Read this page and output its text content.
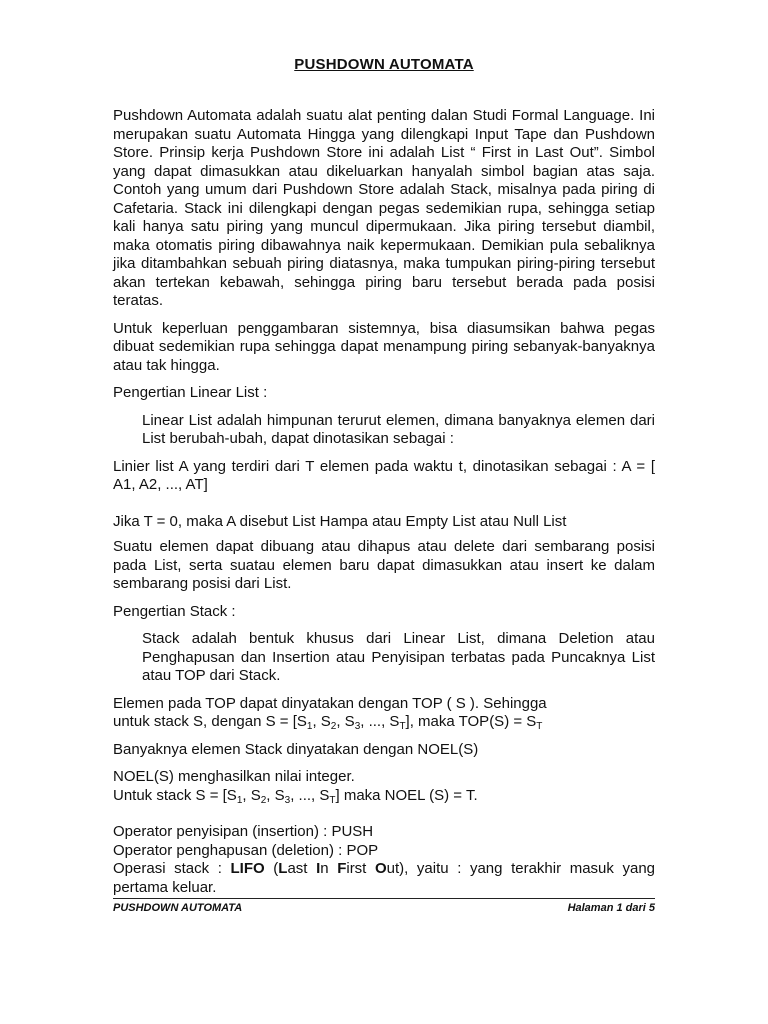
PUSHDOWN AUTOMATA

Pushdown Automata adalah suatu alat penting dalan Studi Formal Language. Ini merupakan suatu Automata Hingga yang dilengkapi Input Tape dan Pushdown Store. Prinsip kerja Pushdown Store ini adalah List “ First in Last Out”. Simbol yang dapat dimasukkan atau dikeluarkan hanyalah simbol bagian atas saja. Contoh yang umum dari Pushdown Store adalah Stack, misalnya pada piring di Cafetaria. Stack ini dilengkapi dengan pegas sedemikian rupa, sehingga setiap kali hanya satu piring yang muncul dipermukaan. Jika piring tersebut diambil, maka otomatis piring dibawahnya naik kepermukaan. Demikian pula sebaliknya jika ditambahkan sebuah piring diatasnya, maka tumpukan piring-piring tersebut akan tertekan kebawah, sehingga piring baru tersebut berada pada posisi teratas.

Untuk keperluan penggambaran sistemnya, bisa diasumsikan bahwa pegas dibuat sedemikian rupa sehingga dapat menampung piring sebanyak-banyaknya atau tak hingga.

Pengertian Linear List :

Linear List adalah himpunan terurut elemen, dimana banyaknya elemen dari List berubah-ubah, dapat dinotasikan sebagai :

Linier list A yang terdiri dari T elemen pada waktu t, dinotasikan sebagai : A = [ A1, A2, ..., AT]

Jika T = 0, maka A disebut List Hampa atau Empty List atau Null List

Suatu elemen dapat dibuang atau dihapus atau delete dari sembarang posisi pada List, serta suatau elemen baru dapat dimasukkan atau insert ke dalam sembarang posisi dari List.

Pengertian Stack :

Stack adalah bentuk khusus dari Linear List, dimana Deletion atau Penghapusan dan Insertion atau Penyisipan terbatas pada Puncaknya List atau TOP dari Stack.

Elemen pada TOP dapat dinyatakan dengan TOP ( S ). Sehingga
untuk stack S, dengan $S = [S_1$, $S_2$, $S_3$, ..., $S_T$], maka $TOP(S) = S_T$

Banyaknya elemen Stack dinyatakan dengan NOEL(S)

NOEL(S) menghasilkan nilai integer.
Untuk stack $S = [S_1$, $S_2$, $S_3$, ..., $S_T$] maka NOEL (S) = T.

Operator penyisipan (insertion) : PUSH
Operator penghapusan (deletion) : POP
Operasi stack : LIFO (Last In First Out), yaitu : yang terakhir masuk yang pertama keluar.

PUSHDOWN AUTOMATA	Halaman 1 dari 5
